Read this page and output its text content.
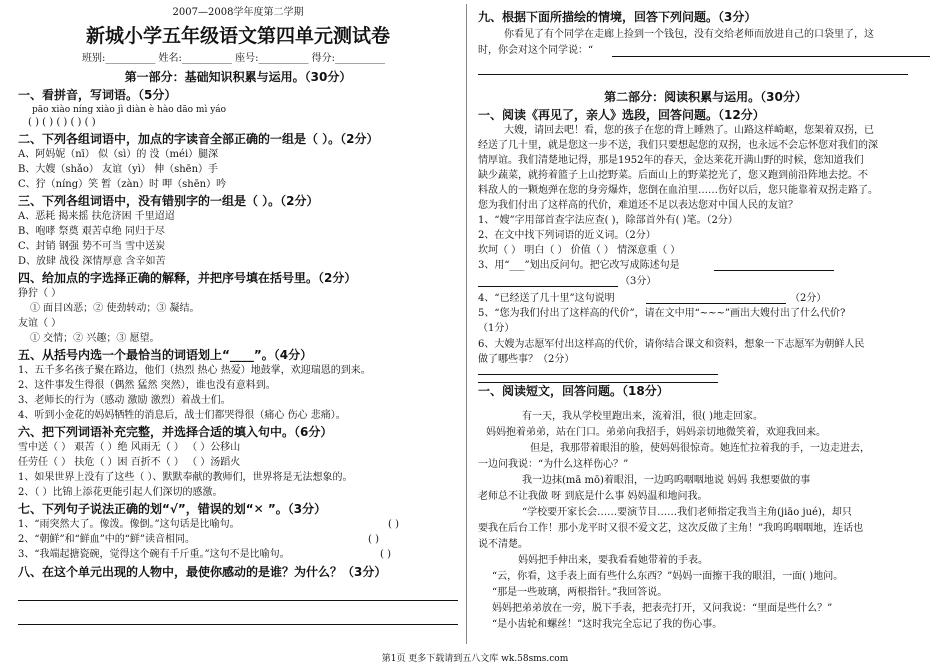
2007—2008学年度第二学期
新城小学五年级语文第四单元测试卷
班别:__________ 姓名:__________ 座号:__________ 得分:__________
第一部分：基础知识积累与运用。（30分）
一、看拼音，写词语。（5分）
pāo xiào níng xiào jì diàn è hào dāo mì yáo
( ) ( ) ( ) ( ) ( )
二、下列各组词语中，加点的字读音全部正确的一组是（ ）。（2分）
A、阿妈妮（nī） 似（sì）的 没（méi）腿深
B、大嫂（shǎo） 友谊（yì） 伸（shēn）手
C、狞（níng）笑 暂（zàn）时 呷（shēn）吟
三、下列各组词语中，没有错别字的一组是（ ）。（2分）
A、恶耗 揭来摇 扶危济困 千里迢迢
B、咆哮 祭奠 艰苦卓绝 同归于尽
C、封销 钢强 势不可当 雪中送炭
D、放肆 战役 深情厚意 含辛如苦
四、给加点的字选择正确的解释，并把序号填在括号里。（2分）
狰狞（ ）
① 面目凶恶；② 使劲转动；③ 凝结。
友谊（ ）
① 交情；② 兴趣；③ 愿望。
五、从括号内选一个最恰当的词语划上“____”。（4分）
1、五千多名孩子聚在路边，他们（热烈 热心 热爱）地鼓掌，欢迎瑞恩的到来。
2、这件事发生得很（偶然 猛然 突然），谁也没有意料到。
3、老师长的行为（感动 激励 激烈）着战士们。
4、听到小金花的妈妈牺牲的消息后，战士们都哭得很（痛心 伤心 悲痛）。
六、把下列词语补充完整，并选择合适的填入句中。（6分）
雪中送（ ） 艰苦（ ）绝 风雨无（ ） （ ）公移山
任劳任（ ） 扶危（ ）困 百折不（ ） （ ）汤蹈火
1、如果世界上没有了这些（ ）、默默奉献的教师们，世界将是无法想象的。
2、（ ）比锦上添花更能引起人们深切的感激。
七、下列句子说法正确的划“√”，错误的划“✕ ”。（3分）
1、“雨突然大了。像泼。像倒。”这句话是比喻句。	( )
2、“朝鲜”和“鲜血”中的“鲜”读音相同。	( )
3、“我端起搪瓷碗，觉得这个碗有千斤重。”这句不是比喻句。	( )
八、在这个单元出现的人物中，最使你感动的是谁？为什么？（3分）
九、根据下面所描绘的情境，回答下列问题。（3分）
你看见了有个同学在走廊上捡到一个钱包，没有交给老师而放进自己的口袋里了，这
时，你会对这个同学说：“
第二部分：阅读积累与运用。（30分）
一、阅读《再见了，亲人》选段，回答问题。（12分）
大嫂，请回去吧！看，您的孩子在您的背上睡熟了。山路这样崎岖，您架着双拐，已
经送了几十里，就是您这一步不送，我们只要想起您的双拐，也永远不会忘怀您对我们的深
情厚谊。我们清楚地记得，那是1952年的春天，金达莱花开满山野的时候，您知道我们
缺少蔬菜，就挎着篮子上山挖野菜。后面山上的野菜挖光了，您又跑到前沿阵地去挖。不
料敌人的一颗炮弹在您的身旁爆炸，您倒在血泊里……伤好以后，您只能靠着双拐走路了。
您为我们付出了这样高的代价，难道还不足以表达您对中国人民的友谊？
1、“嫂”字用部首查字法应查( )，除部首外有( )笔。（2分）
2、在文中找下列词语的近义词。（2分）
坎坷（ ） 明白（ ） 价值（ ） 情深意重（ ）
3、用“___”划出反问句。把它改写成陈述句是
（3分）
4、“已经送了几十里”这句说明	（2分）
5、“您为我们付出了这样高的代价”，请在文中用“~~~”画出大嫂付出了什么代价?
（1分）
6、大嫂为志愿军付出这样高的代价，请你结合课文和资料，想象一下志愿军为朝鲜人民
做了哪些事？（2分）
一、阅读短文，回答问题。（18分）
有一天，我从学校里跑出来，流着泪，很( )地走回家。
妈妈抱着弟弟，站在门口。弟弟向我招手，妈妈亲切地微笑着，欢迎我回来。
但是，我那带着眼泪的脸，使妈妈很惊奇。她连忙拉着我的手，一边走进去，
一边问我说：“为什么这样伤心？”
我一边抹(mā mō)着眼泪，一边呜呜咽咽地说 妈妈 我想要做的事
老师总不让我做 呀 到底是什么事 妈妈温和地问我。
“学校要开家长会……要演节目……我们老师指定我当主角(jiāo jué)，却只
要我在后台工作！那小龙平时又很不爱文艺，这次反做了主角！”我呜呜咽咽地，连话也
说不清楚。
妈妈把手伸出来，要我看看她带着的手表。
“云，你看，这手表上面有些什么东西？”妈妈一面擦干我的眼泪，一面( )地问。
“那是一些玻璃，两根指针。”我回答说。
妈妈把弟弟放在一旁，脱下手表，把表壳打开，又问我说：“里面是些什么？”
“是小齿轮和螺丝！”这时我完全忘记了我的伤心事。
第1页 更多下载请到五八文库 wk.58sms.com
